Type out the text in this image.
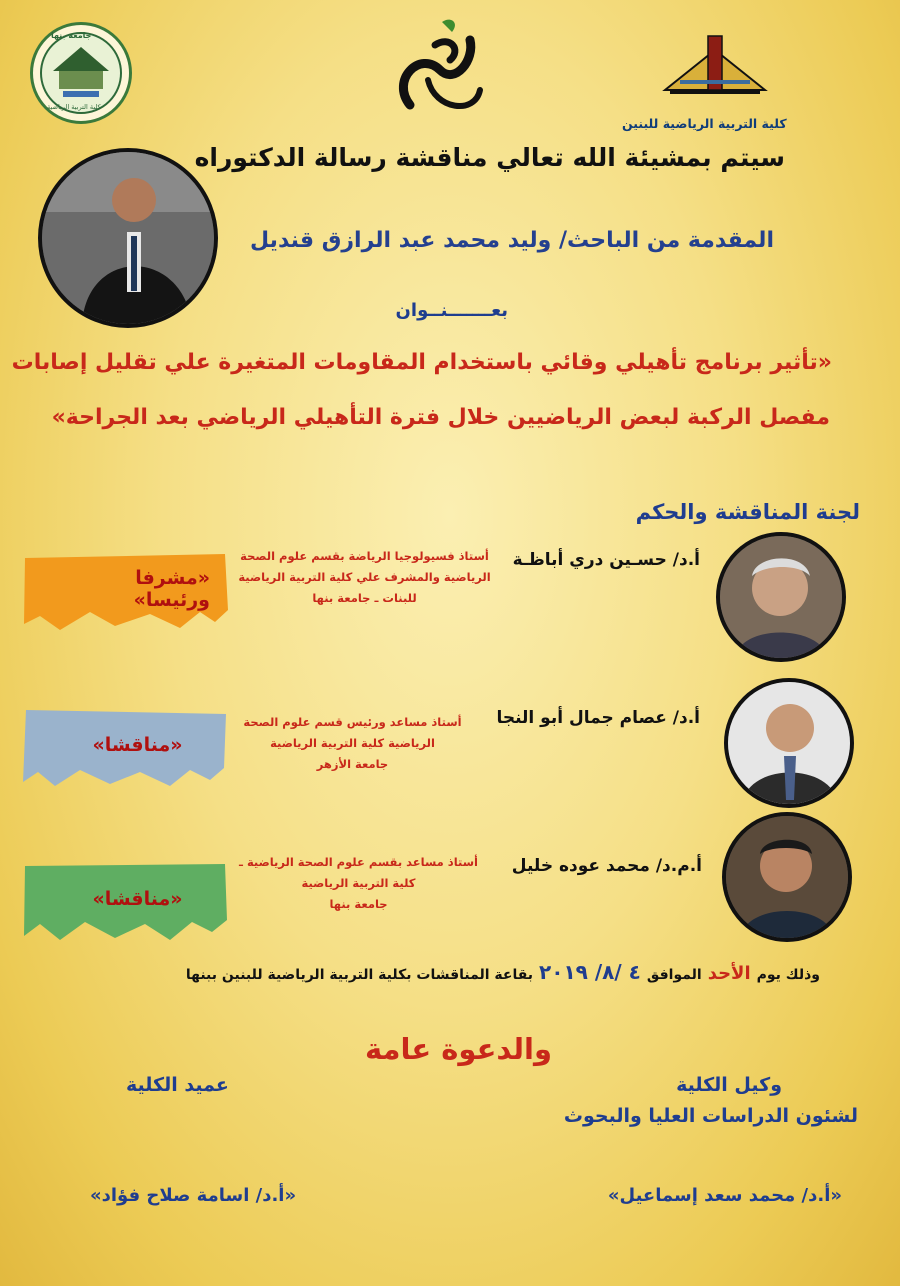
جامعة بنها
كلية التربية الرياضية
كلية التربية الرياضية للبنين
سيتم بمشيئة الله تعالي مناقشة رسالة الدكتوراه
المقدمة من الباحث/ وليد محمد عبد الرازق قنديل
بعـــــــنــوان
«تأثير برنامج تأهيلي وقائي باستخدام المقاومات المتغيرة علي تقليل إصابات
مفصل الركبة لبعض الرياضيين خلال فترة التأهيلي الرياضي بعد الجراحة»
لجنة المناقشة والحكم
أ.د/ حسـين دري أباظـة
أستاذ فسيولوجيا الرياضة بقسم علوم الصحة
الرياضية والمشرف علي كلية التربية الرياضية
للبنات ـ جامعة بنها
«مشرفا ورئيسا»
أ.د/ عصام جمال أبو النجا
أستاذ مساعد ورئيس قسم علوم الصحة
الرياضية كلية التربية الرياضية
جامعة الأزهر
«مناقشا»
أ.م.د/ محمد عوده خليل
أستاذ مساعد بقسم علوم الصحة الرياضية ـ
كلية التربية الرياضية
جامعة بنها
«مناقشا»
وذلك يوم
الأحد
الموافق
٤ /٨/ ٢٠١٩
بقاعة المناقشات بكلية التربية الرياضية للبنين ببنها
والدعوة عامة
وكيل الكلية
لشئون الدراسات العليا والبحوث
«أ.د/ محمد سعد إسماعيل»
عميد الكلية
«أ.د/ اسامة صلاح فؤاد»
